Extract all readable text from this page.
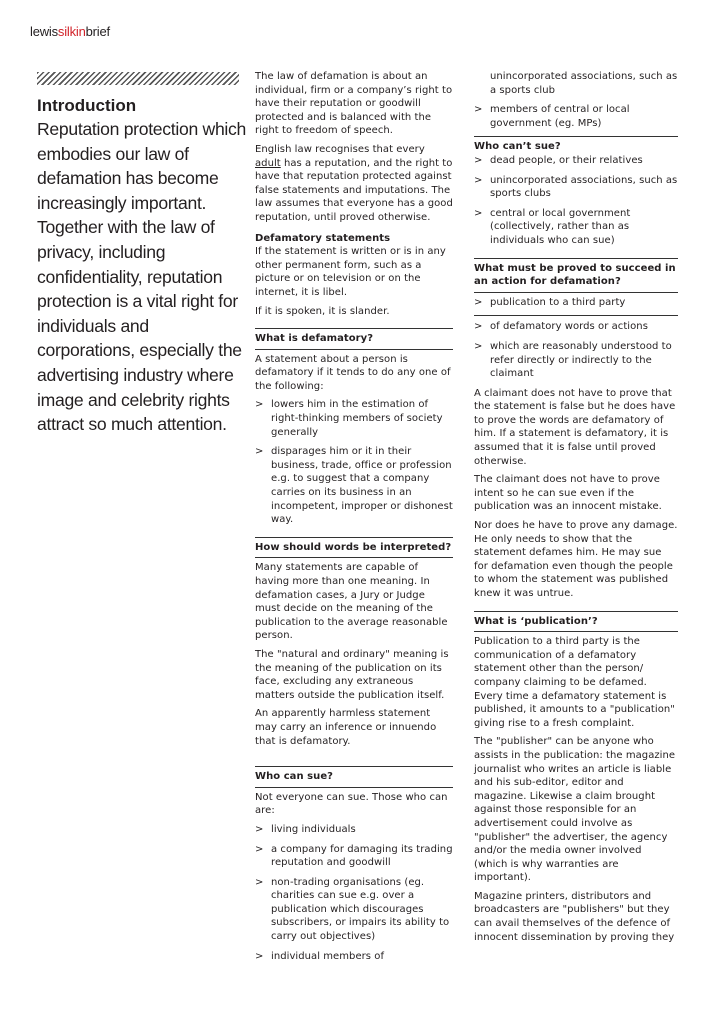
lewissilkinbrief
Introduction

Reputation protection which embodies our law of defamation has become increasingly important. Together with the law of privacy, including confidentiality, reputation protection is a vital right for individuals and corporations, especially the advertising industry where image and celebrity rights attract so much attention.

The law of defamation is about an individual, firm or a company’s right to have their reputation or goodwill protected and is balanced with the right to freedom of speech.

English law recognises that every adult has a reputation, and the right to have that reputation protected against false statements and imputations. The law assumes that everyone has a good reputation, until proved otherwise.

Defamatory statements

If the statement is written or is in any other permanent form, such as a picture or on television or on the internet, it is libel.

If it is spoken, it is slander.

What is defamatory?

A statement about a person is defamatory if it tends to do any one of the following:

> lowers him in the estimation of right-thinking members of society generally
> disparages him or it in their business, trade, office or profession e.g. to suggest that a company carries on its business in an incompetent, improper or dishonest way.
How should words be interpreted?

Many statements are capable of having more than one meaning. In defamation cases, a Jury or Judge must decide on the meaning of the publication to the average reasonable person.

The "natural and ordinary" meaning is the meaning of the publication on its face, excluding any extraneous matters outside the publication itself.

An apparently harmless statement may carry an inference or innuendo that is defamatory.

Who can sue?

Not everyone can sue. Those who can are:

> living individuals
> a company for damaging its trading reputation and goodwill
> non-trading organisations (eg. charities can sue e.g. over a publication which discourages subscribers, or impairs its ability to carry out objectives)
> individual members of
unincorporated associations, such as a sports club
> members of central or local government (eg. MPs)
Who can’t sue?
> dead people, or their relatives
> unincorporated associations, such as sports clubs
> central or local government (collectively, rather than as individuals who can sue)
What must be proved to succeed in an action for defamation?
> publication to a third party
> of defamatory words or actions
> which are reasonably understood to refer directly or indirectly to the claimant

A claimant does not have to prove that the statement is false but he does have to prove the words are defamatory of him. If a statement is defamatory, it is assumed that it is false until proved otherwise.

The claimant does not have to prove intent so he can sue even if the publication was an innocent mistake.

Nor does he have to prove any damage. He only needs to show that the statement defames him. He may sue for defamation even though the people to whom the statement was published knew it was untrue.

What is ‘publication’?

Publication to a third party is the communication of a defamatory statement other than the person/ company claiming to be defamed. Every time a defamatory statement is published, it amounts to a "publication" giving rise to a fresh complaint.

The "publisher" can be anyone who assists in the publication: the magazine journalist who writes an article is liable and his sub-editor, editor and magazine. Likewise a claim brought against those responsible for an advertisement could involve as "publisher" the advertiser, the agency and/or the media owner involved (which is why warranties are important).

Magazine printers, distributors and broadcasters are "publishers" but they can avail themselves of the defence of innocent dissemination by proving they
